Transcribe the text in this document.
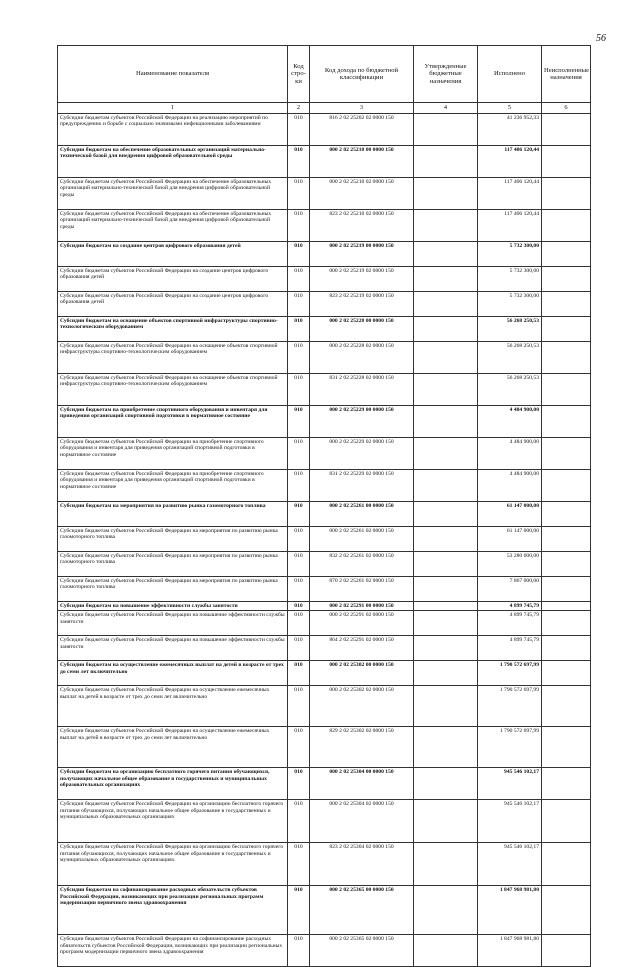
56
Наименование показателя	Код стро-ки	Код дохода по бюджетной классификации	Утвержденные бюджетные назначения	Исполнено	Неисполненные назначения
1	2	3	4	5	6
Субсидии бюджетам субъектов Российской Федерации на реализацию мероприятий по предупреждению и борьбе с социально значимыми инфекционными заболеваниями	010	816 2 02 25202 02 0000 150		41 236 952,33	
Субсидии бюджетам на обеспечение образовательных организаций материально-технической базой для внедрения цифровой образовательной среды	010	000 2 02 25210 00 0000 150		117 406 120,44	
Субсидии бюджетам субъектов Российской Федерации на обеспечение образовательных организаций материально-технической базой для внедрения цифровой образовательной среды	010	000 2 02 25210 02 0000 150		117 406 120,44	
Субсидии бюджетам субъектов Российской Федерации на обеспечение образовательных организаций материально-технической базой для внедрения цифровой образовательной среды	010	823 2 02 25210 02 0000 150		117 406 120,44	
Субсидии бюджетам на создание центров цифрового образования детей	010	000 2 02 25219 00 0000 150		5 732 300,00	
Субсидии бюджетам субъектов Российской Федерации на создание центров цифрового образования детей	010	000 2 02 25219 02 0000 150		5 732 300,00	
Субсидии бюджетам субъектов Российской Федерации на создание центров цифрового образования детей	010	823 2 02 25219 02 0000 150		5 732 300,00	
Субсидии бюджетам на оснащение объектов спортивной инфраструктуры спортивно-технологическим оборудованием	010	000 2 02 25228 00 0000 150		56 268 250,53	
Субсидии бюджетам субъектов Российской Федерации на оснащение объектов спортивной инфраструктуры спортивно-технологическим оборудованием	010	000 2 02 25228 02 0000 150		56 268 250,53	
Субсидии бюджетам субъектов Российской Федерации на оснащение объектов спортивной инфраструктуры спортивно-технологическим оборудованием	010	831 2 02 25228 02 0000 150		56 268 250,53	
Субсидии бюджетам на приобретение спортивного оборудования и инвентаря для приведения организаций спортивной подготовки в нормативное состояние	010	000 2 02 25229 00 0000 150		4 484 900,00	
Субсидии бюджетам субъектов Российской Федерации на приобретение спортивного оборудования и инвентаря для приведения организаций спортивной подготовки в нормативное состояние	010	000 2 02 25229 02 0000 150		4 484 900,00	
Субсидии бюджетам субъектов Российской Федерации на приобретение спортивного оборудования и инвентаря для приведения организаций спортивной подготовки в нормативное состояние	010	831 2 02 25229 02 0000 150		4 484 900,00	
Субсидии бюджетам на мероприятия по развитию рынка газомоторного топлива	010	000 2 02 25261 00 0000 150		61 147 000,00	
Субсидии бюджетам субъектов Российской Федерации на мероприятия по развитию рынка газомоторного топлива	010	000 2 02 25261 02 0000 150		61 147 000,00	
Субсидии бюджетам субъектов Российской Федерации на мероприятия по развитию рынка газомоторного топлива	010	832 2 02 25261 02 0000 150		53 280 000,00	
Субсидии бюджетам субъектов Российской Федерации на мероприятия по развитию рынка газомоторного топлива	010	870 2 02 25261 02 0000 150		7 867 000,00	
Субсидии бюджетам на повышение эффективности службы занятости	010	000 2 02 25291 00 0000 150		4 899 745,79	
Субсидии бюджетам субъектов Российской Федерации на повышение эффективности службы занятости	010	000 2 02 25291 02 0000 150		4 899 745,79	
Субсидии бюджетам субъектов Российской Федерации на повышение эффективности службы занятости	010	864 2 02 25291 02 0000 150		4 899 745,79	
Субсидии бюджетам на осуществление ежемесячных выплат на детей в возрасте от трех до семи лет включительно	010	000 2 02 25302 00 0000 150		1 790 572 697,99	
Субсидии бюджетам субъектов Российской Федерации на осуществление ежемесячных выплат на детей в возрасте от трех до семи лет включительно	010	000 2 02 25302 02 0000 150		1 790 572 697,99	
Субсидии бюджетам субъектов Российской Федерации на осуществление ежемесячных выплат на детей в возрасте от трех до семи лет включительно	010	829 2 02 25302 02 0000 150		1 790 572 697,99	
Субсидии бюджетам на организацию бесплатного горячего питания обучающихся, получающих начальное общее образование в государственных и муниципальных образовательных организациях	010	000 2 02 25304 00 0000 150		945 546 102,17	
Субсидии бюджетам субъектов Российской Федерации на организацию бесплатного горячего питания обучающихся, получающих начальное общее образование в государственных и муниципальных образовательных организациях	010	000 2 02 25304 02 0000 150		945 546 102,17	
Субсидии бюджетам субъектов Российской Федерации на организацию бесплатного горячего питания обучающихся, получающих начальное общее образование в государственных и муниципальных образовательных организациях	010	823 2 02 25304 02 0000 150		945 546 102,17	
Субсидии бюджетам на софинансирование расходных обязательств субъектов Российской Федерации, возникающих при реализации региональных программ модернизации первичного звена здравоохранения	010	000 2 02 25365 00 0000 150		1 847 968 981,80	
Субсидии бюджетам субъектов Российской Федерации на софинансирование расходных обязательств субъектов Российской Федерации, возникающих при реализации региональных программ модернизации первичного звена здравоохранения	010	000 2 02 25365 02 0000 150		1 847 968 981,80	
